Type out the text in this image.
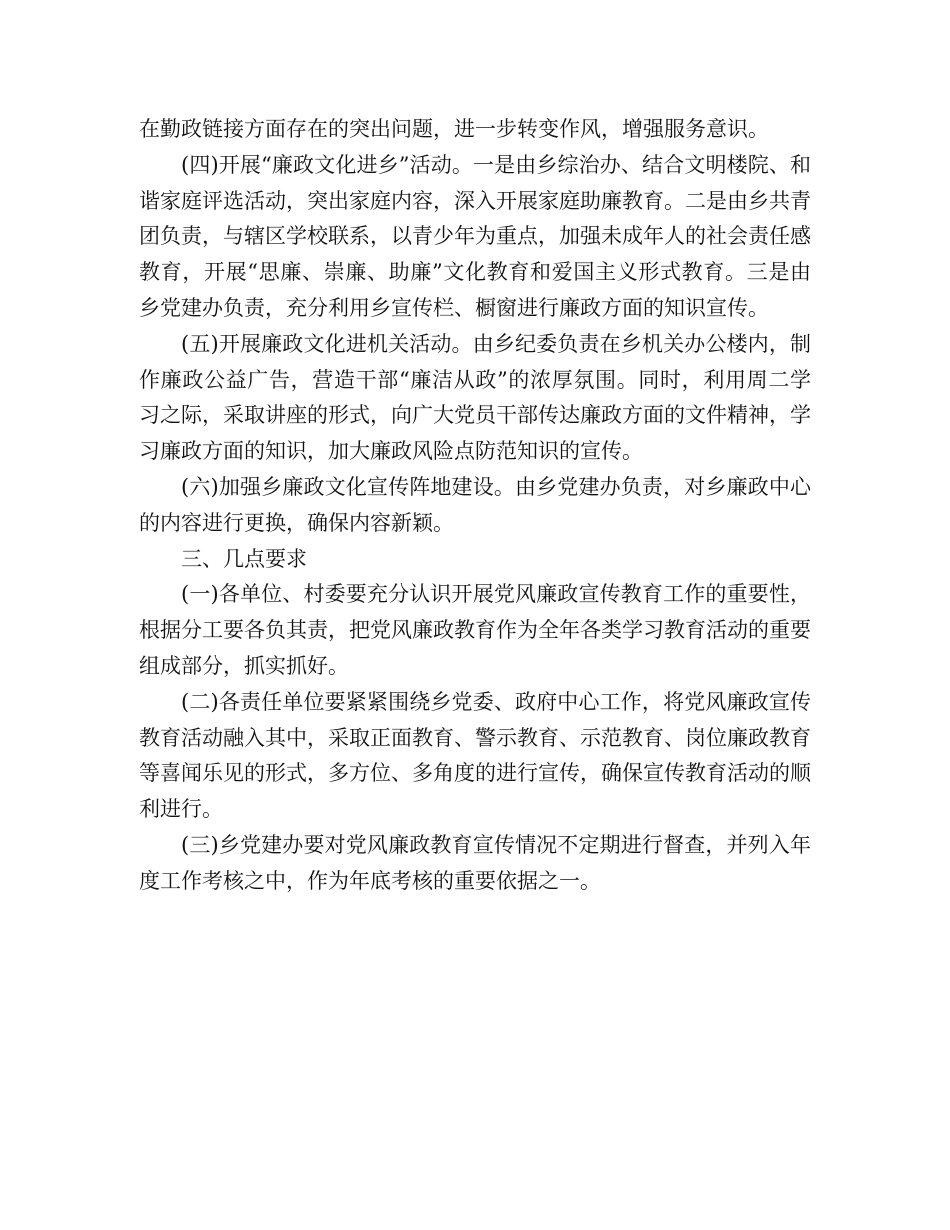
在勤政链接方面存在的突出问题，进一步转变作风，增强服务意识。

(四)开展“廉政文化进乡”活动。一是由乡综治办、结合文明楼院、和谐家庭评选活动，突出家庭内容，深入开展家庭助廉教育。二是由乡共青团负责，与辖区学校联系，以青少年为重点，加强未成年人的社会责任感教育，开展“思廉、崇廉、助廉”文化教育和爱国主义形式教育。三是由乡党建办负责，充分利用乡宣传栏、橱窗进行廉政方面的知识宣传。

(五)开展廉政文化进机关活动。由乡纪委负责在乡机关办公楼内，制作廉政公益广告，营造干部“廉洁从政”的浓厚氛围。同时，利用周二学习之际，采取讲座的形式，向广大党员干部传达廉政方面的文件精神，学习廉政方面的知识，加大廉政风险点防范知识的宣传。

(六)加强乡廉政文化宣传阵地建设。由乡党建办负责，对乡廉政中心的内容进行更换，确保内容新颖。

三、几点要求

(一)各单位、村委要充分认识开展党风廉政宣传教育工作的重要性，根据分工要各负其责，把党风廉政教育作为全年各类学习教育活动的重要组成部分，抓实抓好。

(二)各责任单位要紧紧围绕乡党委、政府中心工作，将党风廉政宣传教育活动融入其中，采取正面教育、警示教育、示范教育、岗位廉政教育等喜闻乐见的形式，多方位、多角度的进行宣传，确保宣传教育活动的顺利进行。

(三)乡党建办要对党风廉政教育宣传情况不定期进行督查，并列入年度工作考核之中，作为年底考核的重要依据之一。
